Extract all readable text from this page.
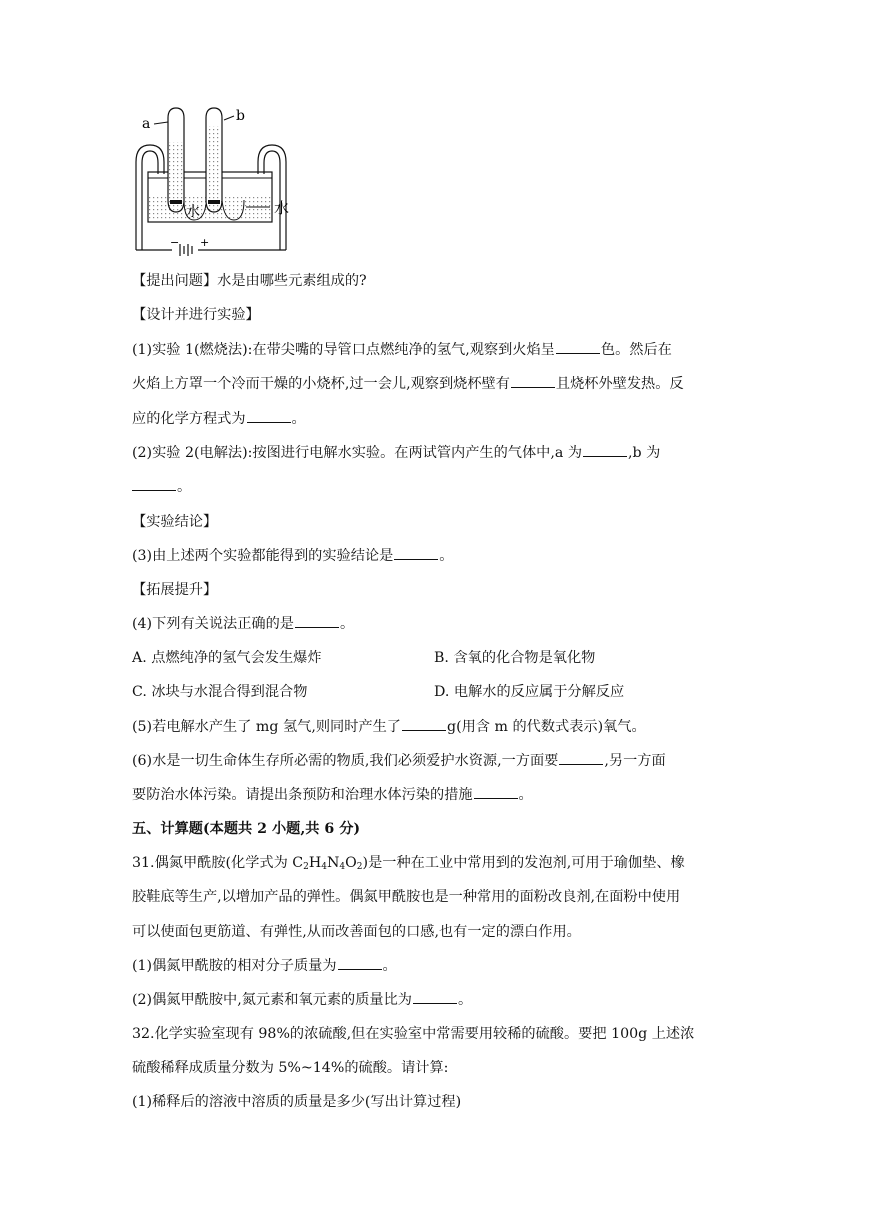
a	b
水	水
− +
【提出问题】水是由哪些元素组成的?
【设计并进行实验】
(1)实验 1(燃烧法):在带尖嘴的导管口点燃纯净的氢气,观察到火焰呈	色。然后在
火焰上方罩一个冷而干燥的小烧杯,过一会儿,观察到烧杯壁有	且烧杯外壁发热。反
应的化学方程式为	。
(2)实验 2(电解法):按图进行电解水实验。在两试管内产生的气体中,a 为	,b 为
。
【实验结论】
(3)由上述两个实验都能得到的实验结论是	。
【拓展提升】
(4)下列有关说法正确的是	。
A. 点燃纯净的氢气会发生爆炸	B. 含氧的化合物是氧化物
C. 冰块与水混合得到混合物	D. 电解水的反应属于分解反应
(5)若电解水产生了 mg 氢气,则同时产生了	g(用含 m 的代数式表示)氧气。
(6)水是一切生命体生存所必需的物质,我们必须爱护水资源,一方面要	,另一方面
要防治水体污染。请提出条预防和治理水体污染的措施	。
五、计算题(本题共 2 小题,共 6 分)
31.偶氮甲酰胺(化学式为 $C_2H_4N_4O_2$)是一种在工业中常用到的发泡剂,可用于瑜伽垫、橡
胶鞋底等生产,以增加产品的弹性。偶氮甲酰胺也是一种常用的面粉改良剂,在面粉中使用
可以使面包更筋道、有弹性,从而改善面包的口感,也有一定的漂白作用。
(1)偶氮甲酰胺的相对分子质量为	。
(2)偶氮甲酰胺中,氮元素和氧元素的质量比为	。
32.化学实验室现有 98%的浓硫酸,但在实验室中常需要用较稀的硫酸。要把 100g 上述浓
硫酸稀释成质量分数为 5%~14%的硫酸。请计算:
(1)稀释后的溶液中溶质的质量是多少(写出计算过程)
